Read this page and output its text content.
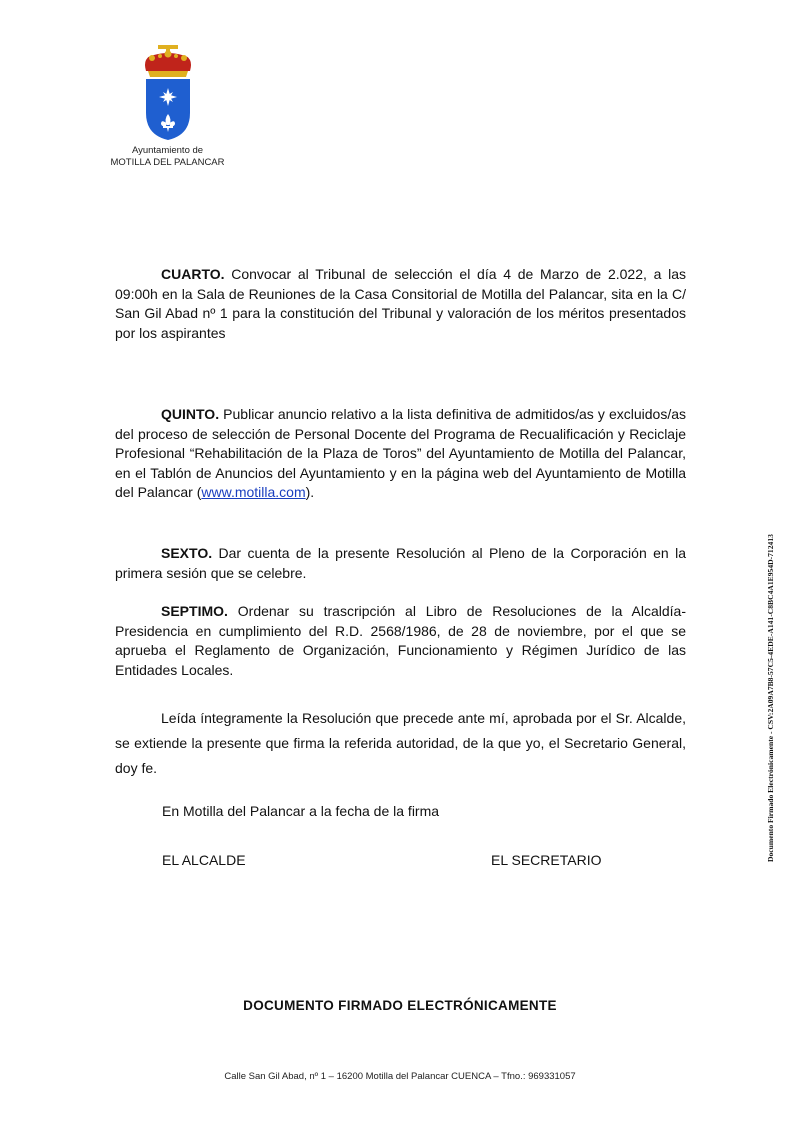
Ayuntamiento de
MOTILLA DEL PALANCAR

CUARTO. Convocar al Tribunal de selección el día 4 de Marzo de 2.022, a las 09:00h en la Sala de Reuniones de la Casa Consitorial de Motilla del Palancar, sita en la C/ San Gil Abad nº 1 para la constitución del Tribunal y valoración de los méritos presentados por los aspirantes

QUINTO. Publicar anuncio relativo a la lista definitiva de admitidos/as y excluidos/as del proceso de selección de Personal Docente del Programa de Recualificación y Reciclaje Profesional “Rehabilitación de la Plaza de Toros” del Ayuntamiento de Motilla del Palancar, en el Tablón de Anuncios del Ayuntamiento y en la página web del Ayuntamiento de Motilla del Palancar (www.motilla.com).

SEXTO. Dar cuenta de la presente Resolución al Pleno de la Corporación en la primera sesión que se celebre.

SEPTIMO. Ordenar su trascripción al Libro de Resoluciones de la Alcaldía-Presidencia en cumplimiento del R.D. 2568/1986, de 28 de noviembre, por el que se aprueba el Reglamento de Organización, Funcionamiento y Régimen Jurídico de las Entidades Locales.

Leída íntegramente la Resolución que precede ante mí, aprobada por el Sr. Alcalde, se extiende la presente que firma la referida autoridad, de la que yo, el Secretario General, doy fe.

En Motilla del Palancar a la fecha de la firma

EL ALCALDE	EL SECRETARIO	Documento Firmado Electrónicamente - CSV:2A09A7B8-57C5-4EDE-A141-C8BC4A1E954D-712413
DOCUMENTO FIRMADO ELECTRÓNICAMENTE
Calle San Gil Abad, nº 1 – 16200 Motilla del Palancar CUENCA – Tfno.: 969331057
